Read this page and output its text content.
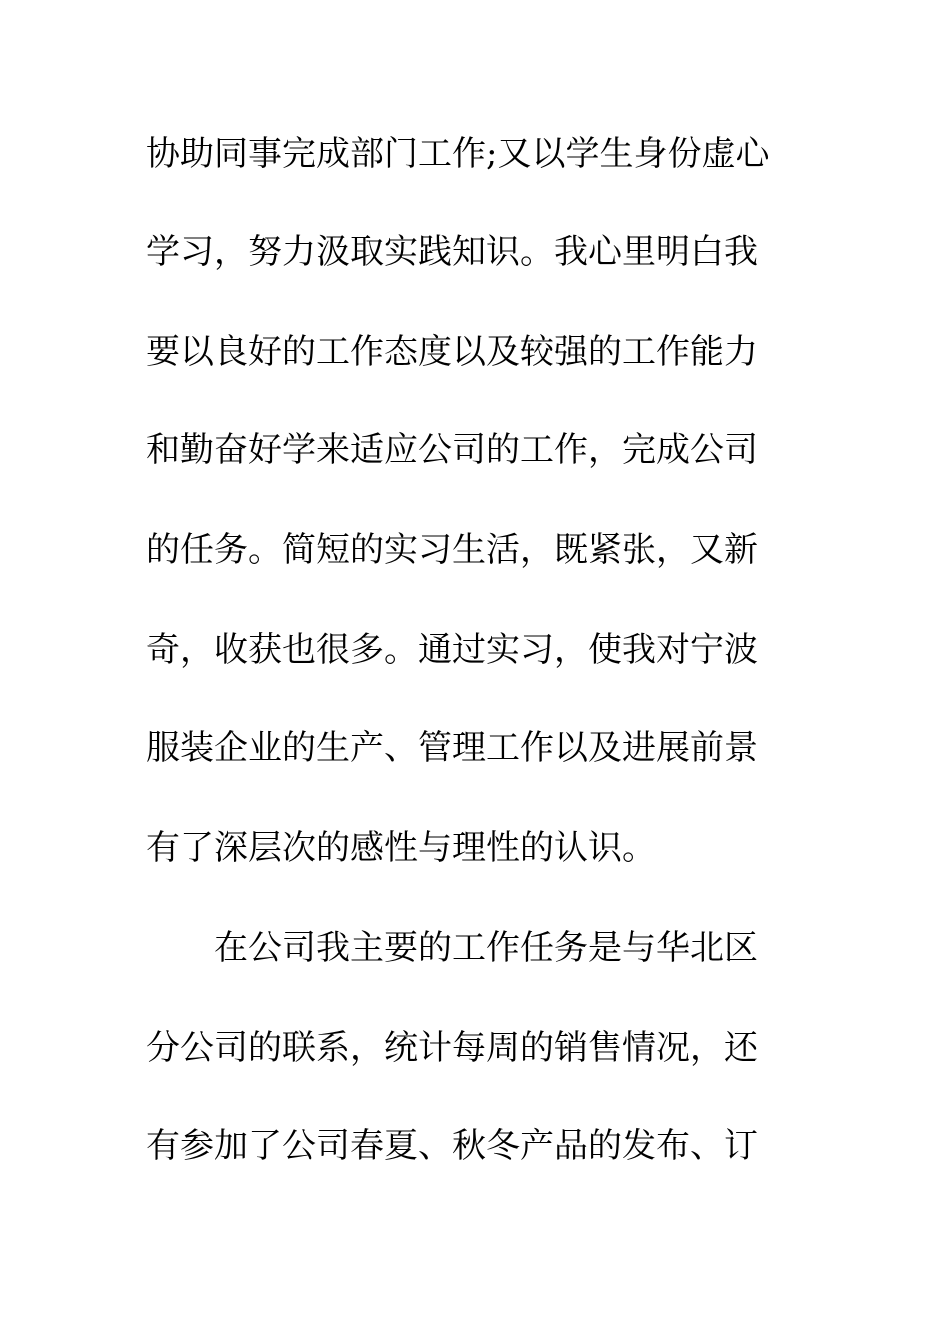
协助同事完成部门工作;又以学生身份虚心
学习，努力汲取实践知识。我心里明白我
要以良好的工作态度以及较强的工作能力
和勤奋好学来适应公司的工作，完成公司
的任务。简短的实习生活，既紧张，又新
奇，收获也很多。通过实习，使我对宁波
服装企业的生产、管理工作以及进展前景
有了深层次的感性与理性的认识。
在公司我主要的工作任务是与华北区
分公司的联系，统计每周的销售情况，还
有参加了公司春夏、秋冬产品的发布、订
